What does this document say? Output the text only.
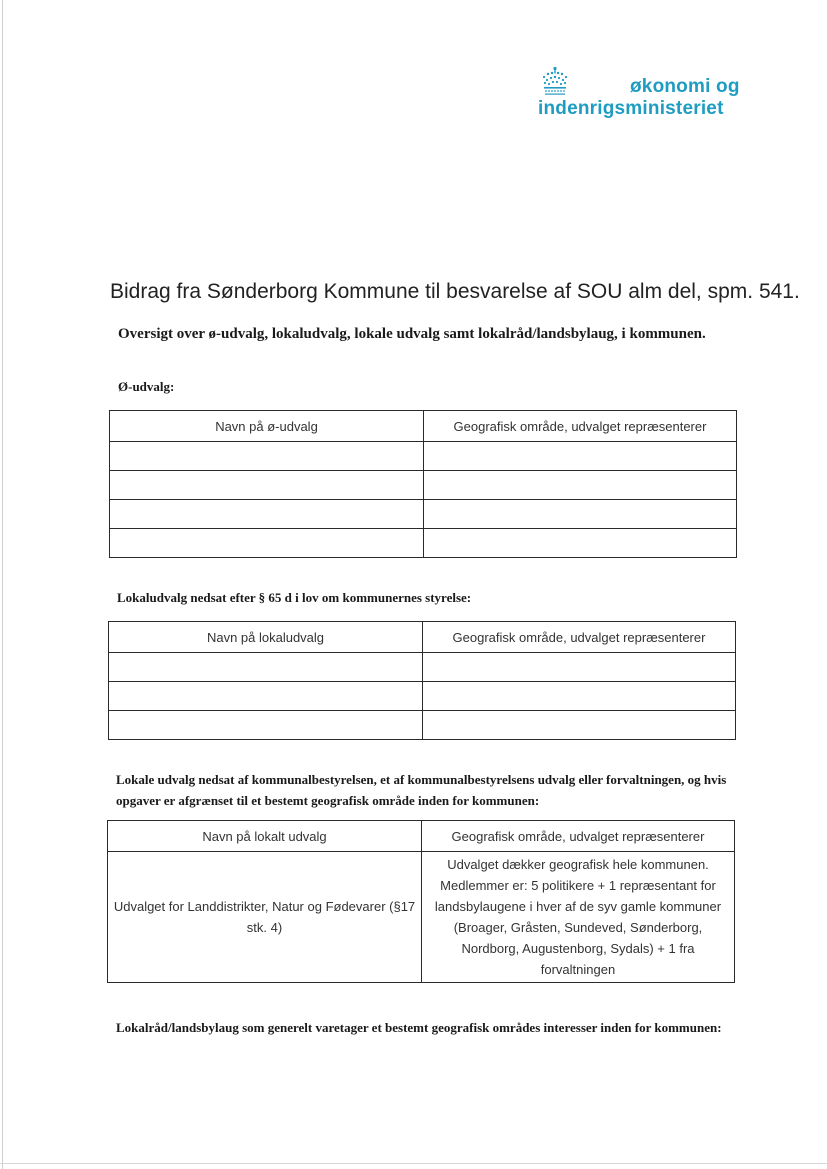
økonomi og
indenrigsministeriet
Bidrag fra Sønderborg Kommune til besvarelse af SOU alm del, spm. 541.
Oversigt over ø-udvalg, lokaludvalg, lokale udvalg samt lokalråd/landsbylaug, i kommunen.
Ø-udvalg:
Navn på ø-udvalg	Geografisk område, udvalget repræsenterer

Lokaludvalg nedsat efter § 65 d i lov om kommunernes styrelse:
Navn på lokaludvalg	Geografisk område, udvalget repræsenterer

Lokale udvalg nedsat af kommunalbestyrelsen, et af kommunalbestyrelsens udvalg eller forvaltningen, og hvis opgaver er afgrænset til et bestemt geografisk område inden for kommunen:
Navn på lokalt udvalg	Geografisk område, udvalget repræsenterer
Udvalget for Landdistrikter, Natur og Fødevarer (§17 stk. 4)	Udvalget dækker geografisk hele kommunen. Medlemmer er: 5 politikere + 1 repræsentant for landsbylaugene i hver af de syv gamle kommuner (Broager, Gråsten, Sundeved, Sønderborg, Nordborg, Augustenborg, Sydals) + 1 fra forvaltningen
Lokalråd/landsbylaug som generelt varetager et bestemt geografisk områdes interesser inden for kommunen:
